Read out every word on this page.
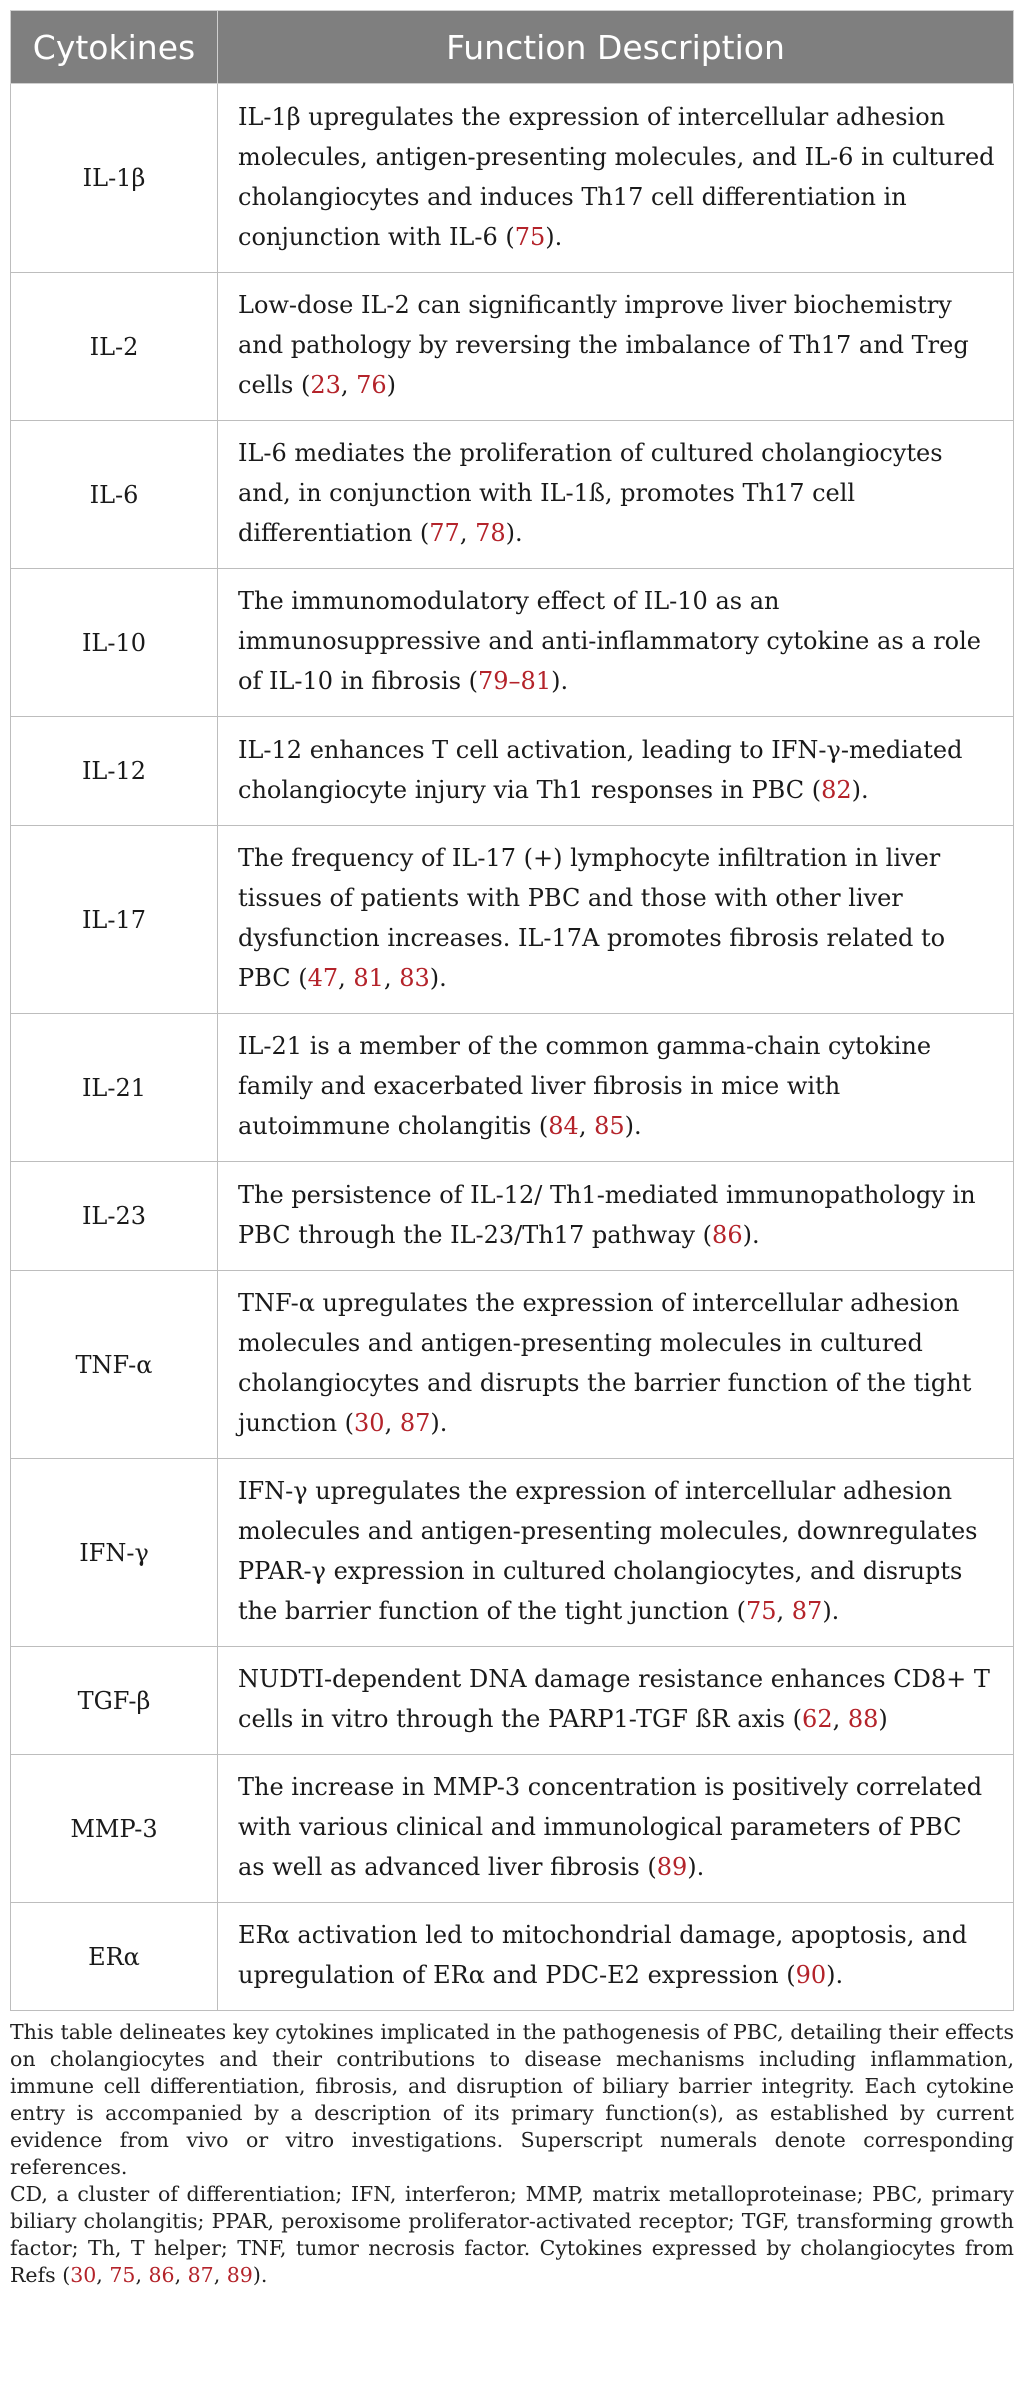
Cytokines	Function Description
IL-1β	IL-1β upregulates the expression of intercellular adhesion molecules, antigen-presenting molecules, and IL-6 in cultured cholangiocytes and induces Th17 cell differentiation in conjunction with IL-6 (75).
IL-2	Low-dose IL-2 can significantly improve liver biochemistry and pathology by reversing the imbalance of Th17 and Treg cells (23, 76)
IL-6	IL-6 mediates the proliferation of cultured cholangiocytes and, in conjunction with IL-1ß, promotes Th17 cell differentiation (77, 78).
IL-10	The immunomodulatory effect of IL-10 as an immunosuppressive and anti-inflammatory cytokine as a role of IL-10 in fibrosis (79–81).
IL-12	IL-12 enhances T cell activation, leading to IFN-γ-mediated cholangiocyte injury via Th1 responses in PBC (82).
IL-17	The frequency of IL-17 (+) lymphocyte infiltration in liver tissues of patients with PBC and those with other liver dysfunction increases. IL-17A promotes fibrosis related to PBC (47, 81, 83).
IL-21	IL-21 is a member of the common gamma-chain cytokine family and exacerbated liver fibrosis in mice with autoimmune cholangitis (84, 85).
IL-23	The persistence of IL-12/ Th1-mediated immunopathology in PBC through the IL-23/Th17 pathway (86).
TNF-α	TNF-α upregulates the expression of intercellular adhesion molecules and antigen-presenting molecules in cultured cholangiocytes and disrupts the barrier function of the tight junction (30, 87).
IFN-γ	IFN-γ upregulates the expression of intercellular adhesion molecules and antigen-presenting molecules, downregulates PPAR-γ expression in cultured cholangiocytes, and disrupts the barrier function of the tight junction (75, 87).
TGF-β	NUDTI-dependent DNA damage resistance enhances CD8+ T cells in vitro through the PARP1-TGF ßR axis (62, 88)
MMP-3	The increase in MMP-3 concentration is positively correlated with various clinical and immunological parameters of PBC as well as advanced liver fibrosis (89).
ERα	ERα activation led to mitochondrial damage, apoptosis, and upregulation of ERα and PDC-E2 expression (90).

This table delineates key cytokines implicated in the pathogenesis of PBC, detailing their effects on cholangiocytes and their contributions to disease mechanisms including inflammation, immune cell differentiation, fibrosis, and disruption of biliary barrier integrity. Each cytokine entry is accompanied by a description of its primary function(s), as established by current evidence from vivo or vitro investigations. Superscript numerals denote corresponding references.

CD, a cluster of differentiation; IFN, interferon; MMP, matrix metalloproteinase; PBC, primary biliary cholangitis; PPAR, peroxisome proliferator-activated receptor; TGF, transforming growth factor; Th, T helper; TNF, tumor necrosis factor. Cytokines expressed by cholangiocytes from Refs (30, 75, 86, 87, 89).
